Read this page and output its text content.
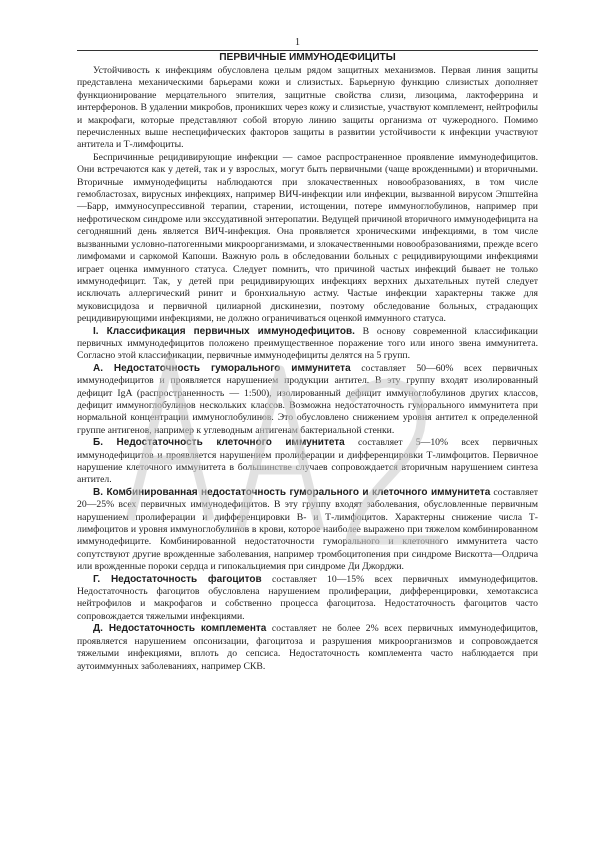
1
ПЕРВИЧНЫЕ ИММУНОДЕФИЦИТЫ

Устойчивость к инфекциям обусловлена целым рядом защитных механизмов. Первая линия защиты представлена механическими барьерами кожи и слизистых. Барьерную функцию слизистых дополняет функционирование мерцательного эпителия, защитные свойства слизи, лизоцима, лактоферрина и интерферонов. В удалении микробов, проникших через кожу и слизистые, участвуют комплемент, нейтрофилы и макрофаги, которые представляют собой вторую линию защиты организма от чужеродного. Помимо перечисленных выше неспецифических факторов защиты в развитии устойчивости к инфекции участвуют антитела и Т-лимфоциты.

Беспричинные рецидивирующие инфекции — самое распространенное проявление иммунодефицитов. Они встречаются как у детей, так и у взрослых, могут быть первичными (чаще врожденными) и вторичными. Вторичные иммунодефициты наблюдаются при злокачественных новообразованиях, в том числе гемобластозах, вирусных инфекциях, например ВИЧ-инфекции или инфекции, вызванной вирусом Эпштейна—Барр, иммуносупрессивной терапии, старении, истощении, потере иммуноглобулинов, например при нефротическом синдроме или экссудативной энтеропатии. Ведущей причиной вторичного иммунодефицита на сегодняшний день является ВИЧ-инфекция. Она проявляется хроническими инфекциями, в том числе вызванными условно-патогенными микроорганизмами, и злокачественными новообразованиями, прежде всего лимфомами и саркомой Капоши. Важную роль в обследовании больных с рецидивирующими инфекциями играет оценка иммунного статуса. Следует помнить, что причиной частых инфекций бывает не только иммунодефицит. Так, у детей при рецидивирующих инфекциях верхних дыхательных путей следует исключать аллергический ринит и бронхиальную астму. Частые инфекции характерны также для муковисцидоза и первичной цилиарной дискинезии, поэтому обследование больных, страдающих рецидивирующими инфекциями, не должно ограничиваться оценкой иммунного статуса.

I. Классификация первичных иммунодефицитов. В основу современной классификации первичных иммунодефицитов положено преимущественное поражение того или иного звена иммунитета. Согласно этой классификации, первичные иммунодефициты делятся на 5 групп.

А. Недостаточность гуморального иммунитета составляет 50—60% всех первичных иммунодефицитов и проявляется нарушением продукции антител. В эту группу входят изолированный дефицит IgA (распространенность — 1:500), изолированный дефицит иммуноглобулинов других классов, дефицит иммуноглобулинов нескольких классов. Возможна недостаточность гуморального иммунитета при нормальной концентрации иммуноглобулинов. Это обусловлено снижением уровня антител к определенной группе антигенов, например к углеводным антигенам бактериальной стенки.

Б. Недостаточность клеточного иммунитета составляет 5—10% всех первичных иммунодефицитов и проявляется нарушением пролиферации и дифференцировки Т-лимфоцитов. Первичное нарушение клеточного иммунитета в большинстве случаев сопровождается вторичным нарушением синтеза антител.

В. Комбинированная недостаточность гуморального и клеточного иммунитета составляет 20—25% всех первичных иммунодефицитов. В эту группу входят заболевания, обусловленные первичным нарушением пролиферации и дифференцировки В- и Т-лимфоцитов. Характерны снижение числа Т-лимфоцитов и уровня иммуноглобулинов в крови, которое наиболее выражено при тяжелом комбинированном иммунодефиците. Комбинированной недостаточности гуморального и клеточного иммунитета часто сопутствуют другие врожденные заболевания, например тромбоцитопения при синдроме Вискотта—Олдрича или врожденные пороки сердца и гипокальциемия при синдроме Ди Джорджи.

Г. Недостаточность фагоцитов составляет 10—15% всех первичных иммунодефицитов. Недостаточность фагоцитов обусловлена нарушением пролиферации, дифференцировки, хемотаксиса нейтрофилов и макрофагов и собственно процесса фагоцитоза. Недостаточность фагоцитов часто сопровождается тяжелыми инфекциями.

Д. Недостаточность комплемента составляет не более 2% всех первичных иммунодефицитов, проявляется нарушением опсонизации, фагоцитоза и разрушения микроорганизмов и сопровождается тяжелыми инфекциями, вплоть до сепсиса. Недостаточность комплемента часто наблюдается при аутоиммунных заболеваниях, например СКВ.
